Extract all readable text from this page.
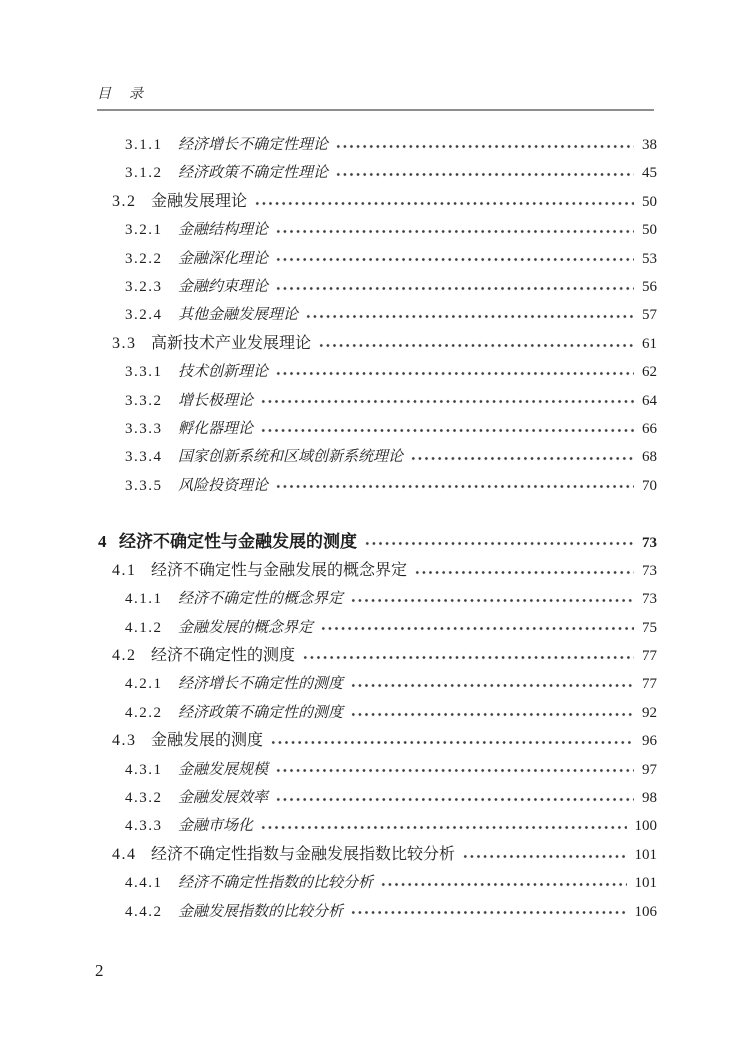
目　录
3.1.1	经济增长不确定性理论	38
3.1.2	经济政策不确定性理论	45
3.2 金融发展理论	50
3.2.1	金融结构理论	50
3.2.2	金融深化理论	53
3.2.3	金融约束理论	56
3.2.4	其他金融发展理论	57
3.3 高新技术产业发展理论	61
3.3.1	技术创新理论	62
3.3.2	增长极理论	64
3.3.3	孵化器理论	66
3.3.4	国家创新系统和区域创新系统理论	68
3.3.5	风险投资理论	70
4 经济不确定性与金融发展的测度	73
4.1 经济不确定性与金融发展的概念界定	73
4.1.1	经济不确定性的概念界定	73
4.1.2	金融发展的概念界定	75
4.2 经济不确定性的测度	77
4.2.1	经济增长不确定性的测度	77
4.2.2	经济政策不确定性的测度	92
4.3 金融发展的测度	96
4.3.1	金融发展规模	97
4.3.2	金融发展效率	98
4.3.3	金融市场化	100
4.4 经济不确定性指数与金融发展指数比较分析	101
4.4.1	经济不确定性指数的比较分析	101
4.4.2	金融发展指数的比较分析	106
2
